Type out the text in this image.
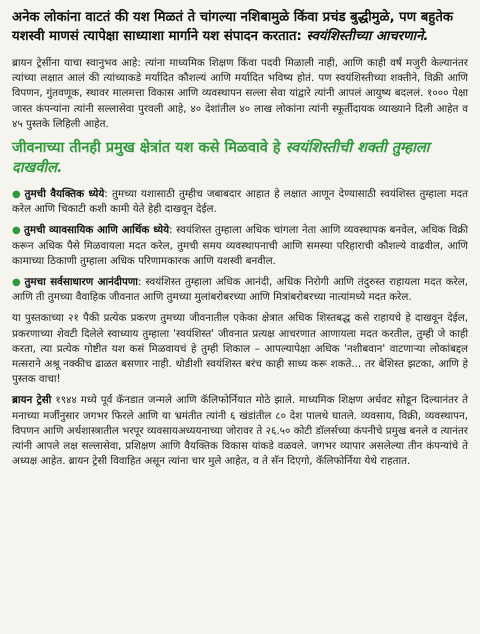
अनेक लोकांना वाटतं की यश मिळतं ते चांगल्या नशिबामुळे किंवा प्रचंड बुद्धीमुळे, पण बहुतेक यशस्वी माणसं त्यापेक्षा साध्याशा मार्गाने यश संपादन करतात: स्वयंशिस्तीच्या आचरणाने.

ब्रायन ट्रेसींना याचा स्वानुभव आहे: त्यांना माध्यमिक शिक्षण किंवा पदवी मिळाली नाही, आणि काही वर्षं मजुरी केल्यानंतर त्यांच्या लक्षात आलं की त्यांच्याकडे मर्यादित कौशल्यं आणि मर्यादित भविष्य होतं. पण स्वयंशिस्तीच्या शक्तीने, विक्री आणि विपणन, गुंतवणूक, स्थावर मालमत्ता विकास आणि व्यवस्थापन सल्ला सेवा यांद्वारे त्यांनी आपलं आयुष्य बदललं. १००० पेक्षा जास्त कंपन्यांना त्यांनी सल्लासेवा पुरवली आहे, ४० देशांतील ४० लाख लोकांना त्यांनी स्फूर्तीदायक व्याख्याने दिली आहेत व ४५ पुस्तके लिहिली आहेत.

जीवनाच्या तीनही प्रमुख क्षेत्रांत यश कसे मिळवावे हे स्वयंशिस्तीची शक्ती तुम्हाला दाखवील.

● तुमची वैयक्तिक ध्येये: तुमच्या यशासाठी तुम्हीच जबाबदार आहात हे लक्षात आणून देण्यासाठी स्वयंशिस्त तुम्हाला मदत करेल आणि चिकाटी कशी कामी येते हेही दाखवून देईल.

● तुमची व्यावसायिक आणि आर्थिक ध्येये: स्वयंशिस्त तुम्हाला अधिक चांगला नेता आणि व्यवस्थापक बनवेल, अधिक विक्री करून अधिक पैसे मिळवायला मदत करेल, तुमची समय व्यवस्थापनाची आणि समस्या परिहाराची कौशल्ये वाढवील, आणि कामाच्या ठिकाणी तुम्हाला अधिक परिणामकारक आणि यशस्वी बनवील.

● तुमचा सर्वसाधारण आनंदीपणा: स्वयंशिस्त तुम्हाला अधिक आनंदी, अधिक निरोगी आणि तंदुरुस्त राहायला मदत करेल, आणि ती तुमच्या वैवाहिक जीवनात आणि तुमच्या मुलांबरोबरच्या आणि मित्रांबरोबरच्या नात्यांमध्ये मदत करेल.

या पुस्तकाच्या २१ पैकी प्रत्येक प्रकरण तुमच्या जीवनातील एकेका क्षेत्रात अधिक शिस्तबद्ध कसे राहायचे हे दाखवून देईल, प्रकरणाच्या शेवटी दिलेले स्वाध्याय तुम्हाला 'स्वयंशिस्त' जीवनात प्रत्यक्ष आचरणात आणायला मदत करतील, तुम्ही जे काही करता, त्या प्रत्येक गोष्टीत यश कसं मिळवायचं हे तुम्ही शिकाल – आपल्यापेक्षा अधिक 'नशीबवान' वाटणाऱ्या लोकांबद्दल मत्सराने अश्रू नक्कीच ढाळत बसणार नाही. थोडीशी स्वयंशिस्त बरंच काही साध्य करू शकते... तर बेशिस्त झटका, आणि हे पुस्तक वाचा!

ब्रायन ट्रेसी १९४४ मध्ये पूर्व कॅनडात जन्मले आणि कॅलिफोर्नियात मोठे झाले. माध्यमिक शिक्षण अर्धवट सोडून दिल्यानंतर ते मनाच्या मर्जीनुसार जगभर फिरले आणि या भ्रमंतीत त्यांनी ६ खंडांतील ८० देश पालथे घातले. व्यवसाय, विक्री, व्यवस्थापन, विपणन आणि अर्थशास्त्रातील भरपूर व्यवसायअध्ययनाच्या जोरावर ते २६.५० कोटी डॉलर्सच्या कंपनीचे प्रमुख बनले व त्यानंतर त्यांनी आपले लक्ष सल्लासेवा, प्रशिक्षण आणि वैयक्तिक विकास यांकडे वळवले. जगभर व्यापार असलेल्या तीन कंपन्यांचे ते अध्यक्ष आहेत. ब्रायन ट्रेसी विवाहित असून त्यांना चार मुले आहेत, व ते सॅन दिएगो, कॅलिफोर्निया येथे राहतात.
